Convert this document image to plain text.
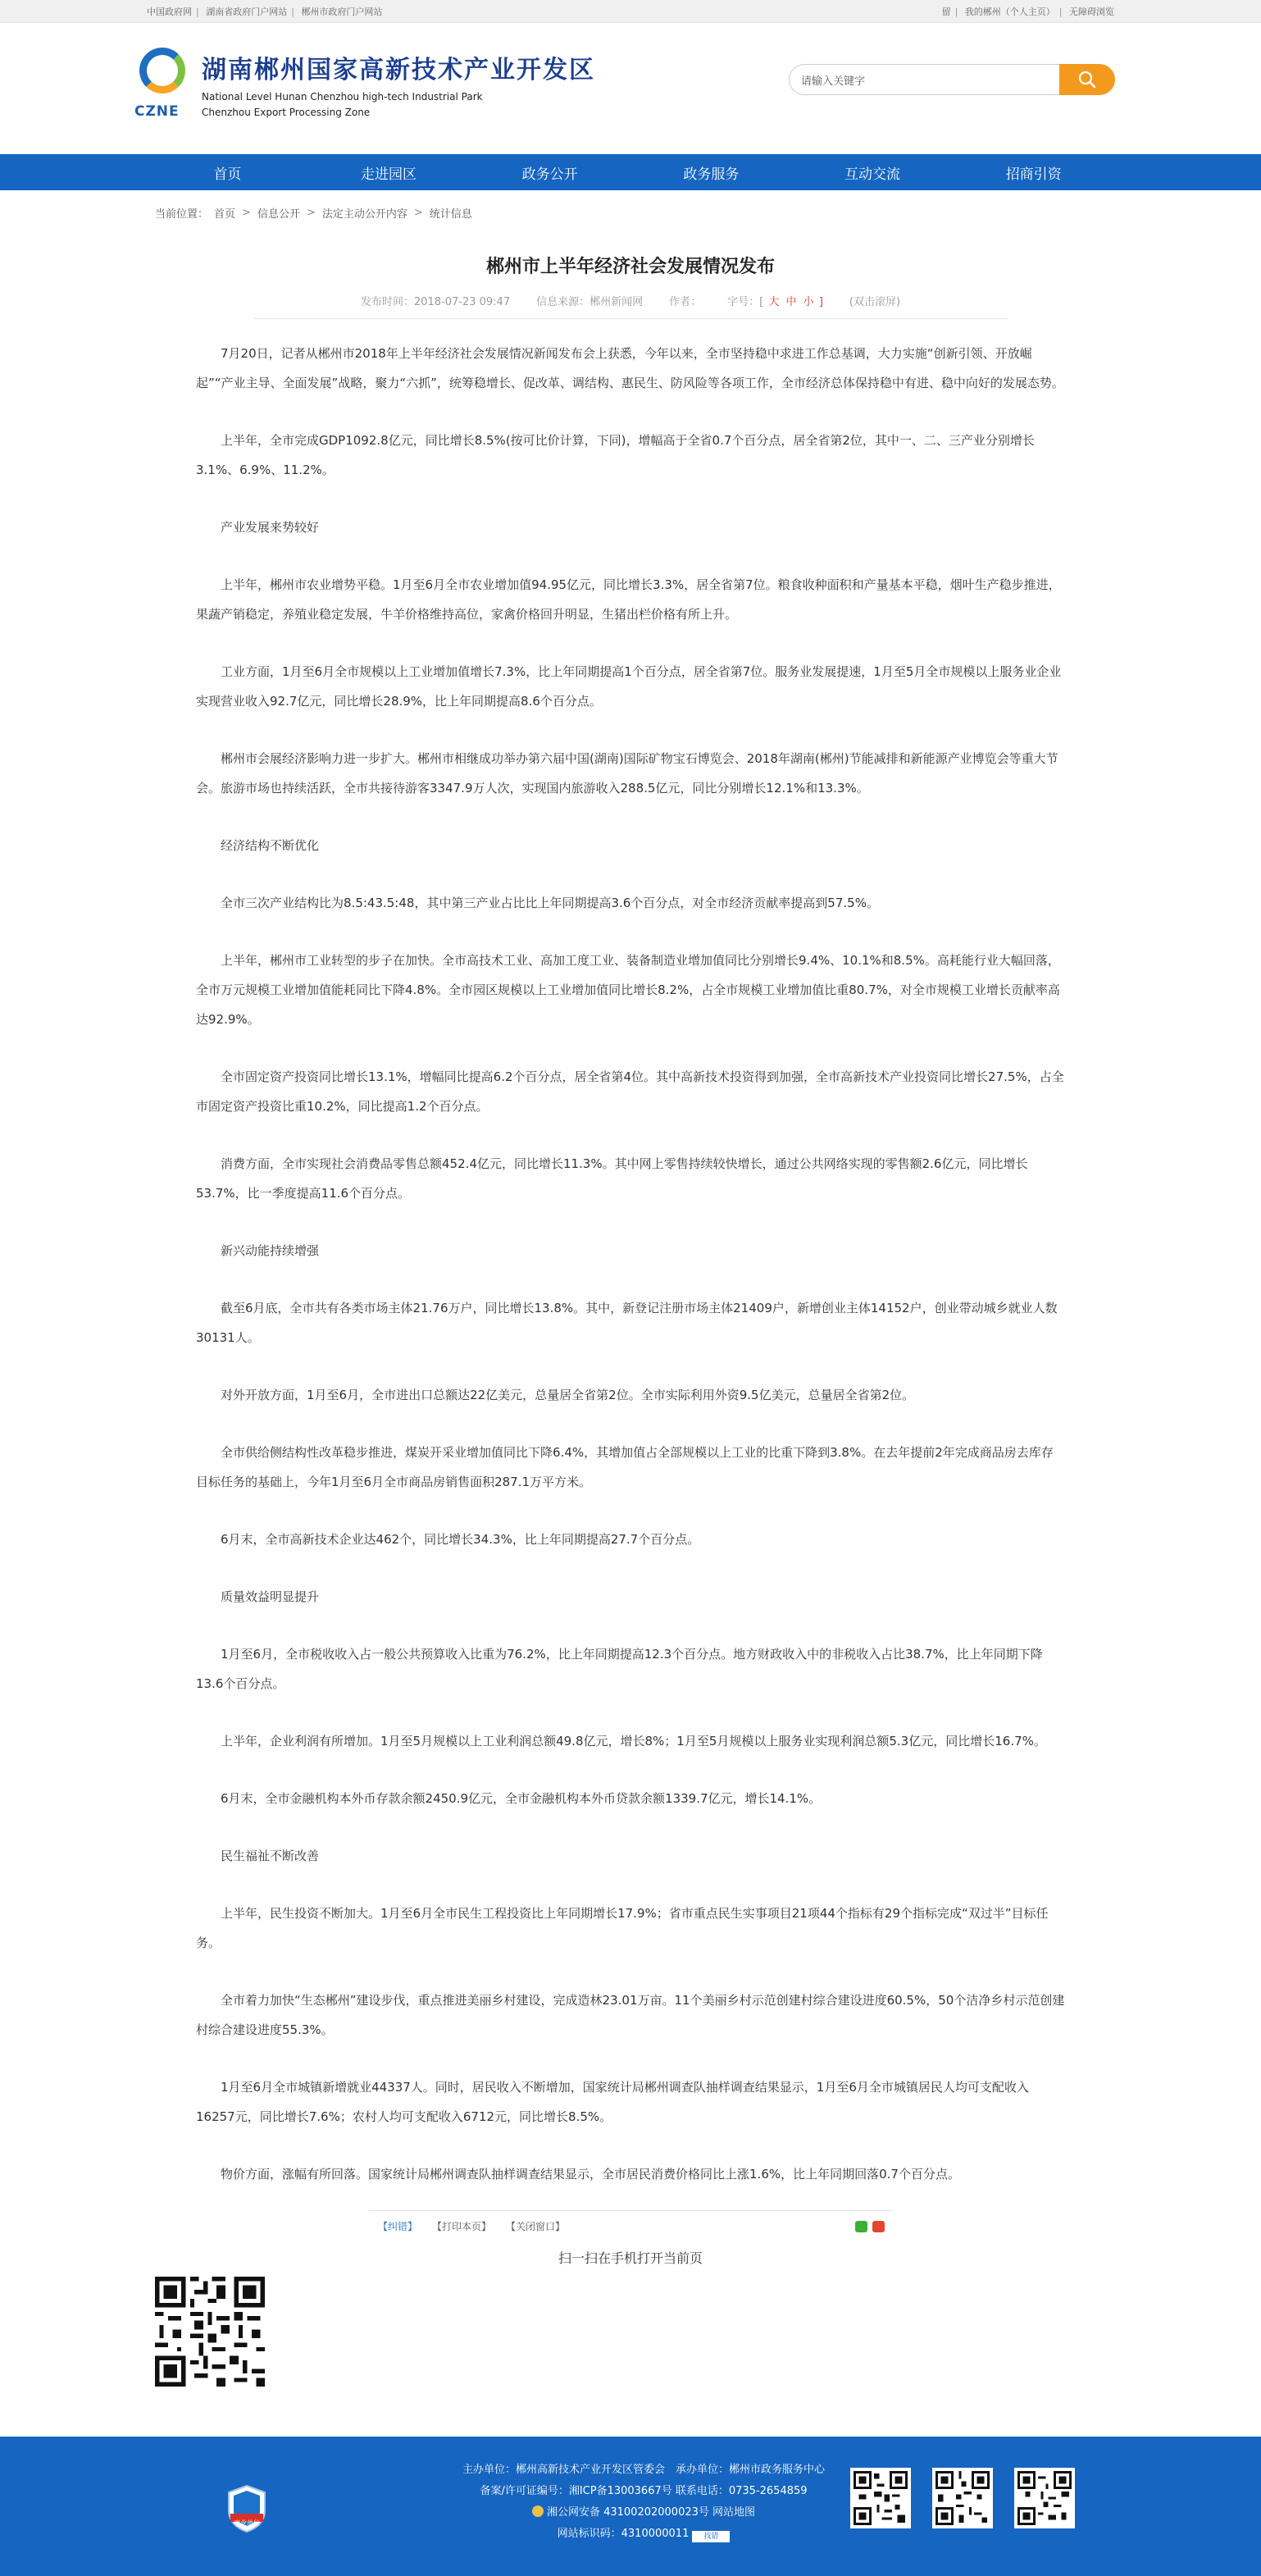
中国政府网 | 湖南省政府门户网站 | 郴州市政府门户网站	留 | 我的郴州（个人主页） | 无障碍浏览
CZNE
湖南郴州国家高新技术产业开发区
National Level Hunan Chenzhou high-tech Industrial Park
Chenzhou Export Processing Zone
请输入关键字
首页	走进园区	政务公开	政务服务	互动交流	招商引资
当前位置： 首页 > 信息公开 > 法定主动公开内容 > 统计信息
郴州市上半年经济社会发展情况发布
发布时间：2018-07-23 09:47 信息来源：郴州新闻网 作者： 字号：[ 大 中 小 ] (双击滚屏)

7月20日，记者从郴州市2018年上半年经济社会发展情况新闻发布会上获悉，今年以来，全市坚持稳中求进工作总基调，大力实施“创新引领、开放崛起”“产业主导、全面发展”战略，聚力“六抓”，统筹稳增长、促改革、调结构、惠民生、防风险等各项工作，全市经济总体保持稳中有进、稳中向好的发展态势。

上半年，全市完成GDP1092.8亿元，同比增长8.5%(按可比价计算，下同)，增幅高于全省0.7个百分点，居全省第2位，其中一、二、三产业分别增长3.1%、6.9%、11.2%。

产业发展来势较好

上半年，郴州市农业增势平稳。1月至6月全市农业增加值94.95亿元，同比增长3.3%，居全省第7位。粮食收种面积和产量基本平稳，烟叶生产稳步推进，果蔬产销稳定，养殖业稳定发展，牛羊价格维持高位，家禽价格回升明显，生猪出栏价格有所上升。

工业方面，1月至6月全市规模以上工业增加值增长7.3%，比上年同期提高1个百分点，居全省第7位。服务业发展提速，1月至5月全市规模以上服务业企业实现营业收入92.7亿元，同比增长28.9%，比上年同期提高8.6个百分点。

郴州市会展经济影响力进一步扩大。郴州市相继成功举办第六届中国(湖南)国际矿物宝石博览会、2018年湖南(郴州)节能减排和新能源产业博览会等重大节会。旅游市场也持续活跃，全市共接待游客3347.9万人次，实现国内旅游收入288.5亿元，同比分别增长12.1%和13.3%。

经济结构不断优化

全市三次产业结构比为8.5:43.5:48，其中第三产业占比比上年同期提高3.6个百分点，对全市经济贡献率提高到57.5%。

上半年，郴州市工业转型的步子在加快。全市高技术工业、高加工度工业、装备制造业增加值同比分别增长9.4%、10.1%和8.5%。高耗能行业大幅回落，全市万元规模工业增加值能耗同比下降4.8%。全市园区规模以上工业增加值同比增长8.2%，占全市规模工业增加值比重80.7%，对全市规模工业增长贡献率高达92.9%。

全市固定资产投资同比增长13.1%，增幅同比提高6.2个百分点，居全省第4位。其中高新技术投资得到加强，全市高新技术产业投资同比增长27.5%，占全市固定资产投资比重10.2%，同比提高1.2个百分点。

消费方面，全市实现社会消费品零售总额452.4亿元，同比增长11.3%。其中网上零售持续较快增长，通过公共网络实现的零售额2.6亿元，同比增长53.7%，比一季度提高11.6个百分点。

新兴动能持续增强

截至6月底，全市共有各类市场主体21.76万户，同比增长13.8%。其中，新登记注册市场主体21409户，新增创业主体14152户，创业带动城乡就业人数30131人。

对外开放方面，1月至6月，全市进出口总额达22亿美元，总量居全省第2位。全市实际利用外资9.5亿美元，总量居全省第2位。

全市供给侧结构性改革稳步推进，煤炭开采业增加值同比下降6.4%，其增加值占全部规模以上工业的比重下降到3.8%。在去年提前2年完成商品房去库存目标任务的基础上，今年1月至6月全市商品房销售面积287.1万平方米。

6月末，全市高新技术企业达462个，同比增长34.3%，比上年同期提高27.7个百分点。

质量效益明显提升

1月至6月，全市税收收入占一般公共预算收入比重为76.2%，比上年同期提高12.3个百分点。地方财政收入中的非税收入占比38.7%，比上年同期下降13.6个百分点。

上半年，企业利润有所增加。1月至5月规模以上工业利润总额49.8亿元，增长8%；1月至5月规模以上服务业实现利润总额5.3亿元，同比增长16.7%。

6月末，全市金融机构本外币存款余额2450.9亿元，全市金融机构本外币贷款余额1339.7亿元，增长14.1%。

民生福祉不断改善

上半年，民生投资不断加大。1月至6月全市民生工程投资比上年同期增长17.9%；省市重点民生实事项目21项44个指标有29个指标完成“双过半”目标任务。

全市着力加快“生态郴州”建设步伐，重点推进美丽乡村建设，完成造林23.01万亩。11个美丽乡村示范创建村综合建设进度60.5%，50个洁净乡村示范创建村综合建设进度55.3%。

1月至6月全市城镇新增就业44337人。同时，居民收入不断增加，国家统计局郴州调查队抽样调查结果显示，1月至6月全市城镇居民人均可支配收入16257元，同比增长7.6%；农村人均可支配收入6712元，同比增长8.5%。

物价方面，涨幅有所回落。国家统计局郴州调查队抽样调查结果显示，全市居民消费价格同比上涨1.6%，比上年同期回落0.7个百分点。

【纠错】 【打印本页】 【关闭窗口】
扫一扫在手机打开当前页
事业单位
主办单位：郴州高新技术产业开发区管委会　承办单位：郴州市政务服务中心
备案/许可证编号：湘ICP备13003667号 联系电话：0735-2654859
湘公网安备 43100202000023号 网站地图
网站标识码：4310000011 找错
